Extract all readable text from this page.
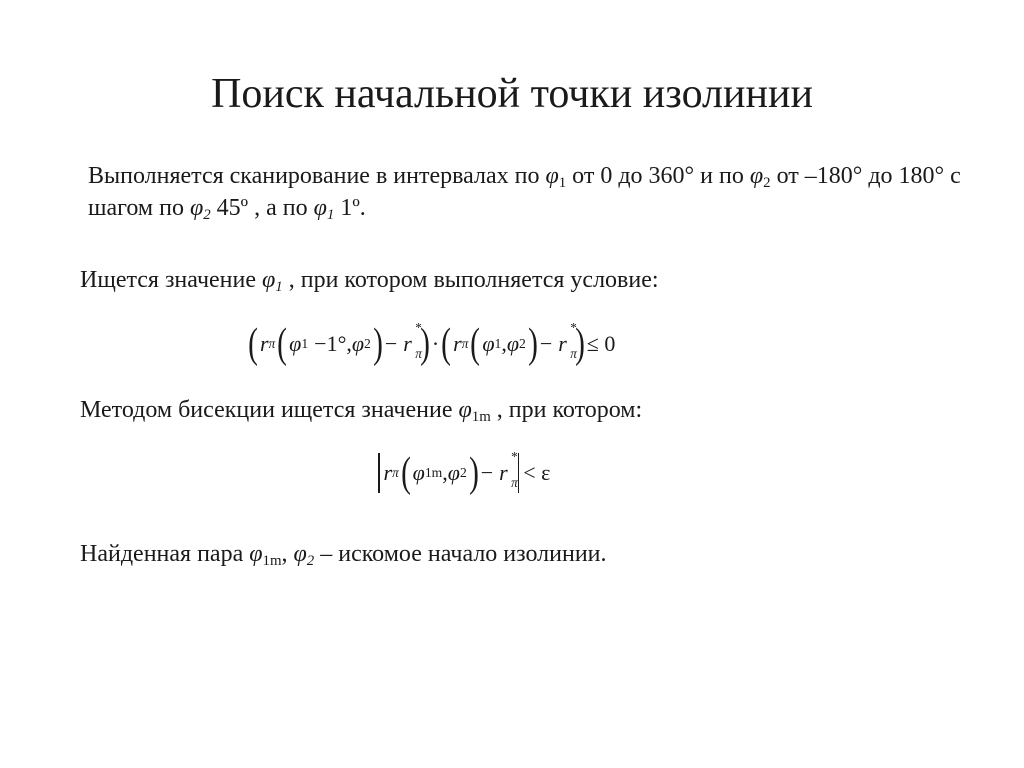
Поиск начальной точки изолинии
Выполняется сканирование в интервалах по $\varphi_1$ от 0 до 360° и по $\varphi_2$ от –180° до 180° с шагом по $\varphi_2$ 45º , а по $\varphi_1$ 1º.
Ищется значение $\varphi_1$ , при котором выполняется условие:
( r π ( φ 1 −1°, φ 2 ) − r
*
π
) · ( r π ( φ 1 , φ 2 ) − r
*
π
) ≤ 0
Методом бисекции ищется значение $\varphi_{1m}$ , при котором:
r π ( φ 1m , φ 2 ) − r
*
π < ε
Найденная пара $\varphi_{1m}$, $\varphi_2$ – искомое начало изолинии.
